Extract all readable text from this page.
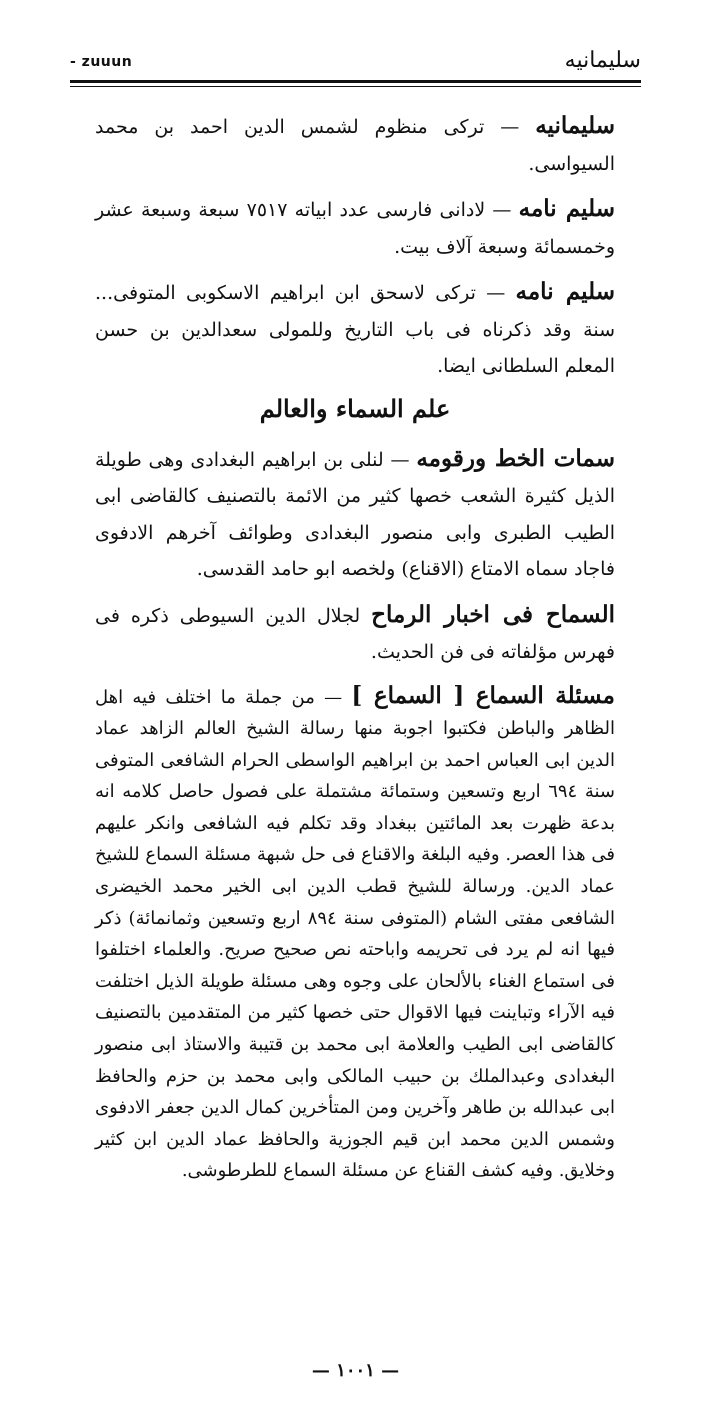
سليمانيه
- zuuun

سليمانيه — تركى منظوم لشمس الدين احمد بن محمد السيواسى.

سليم نامه — لادانى فارسى عدد ابياته ٧٥١٧ سبعة وسبعة عشر وخمسمائة وسبعة آلاف بيت.

سليم نامه — تركى لاسحق ابن ابراهيم الاسكوبى المتوفى... سنة وقد ذكرناه فى باب التاريخ وللمولى سعدالدين بن حسن المعلم السلطانى ايضا.

علم السماء والعالم

سمات الخط ورقومه — لنلى بن ابراهيم البغدادى وهى طويلة الذيل كثيرة الشعب خصها كثير من الائمة بالتصنيف كالقاضى ابى الطيب الطبرى وابى منصور البغدادى وطوائف آخرهم الادفوى فاجاد سماه الامتاع (الاقناع) ولخصه ابو حامد القدسى.

السماح فى اخبار الرماح لجلال الدين السيوطى ذكره فى فهرس مؤلفاته فى فن الحديث.

مسئلة السماع [ السماع ] — من جملة ما اختلف فيه اهل الظاهر والباطن فكتبوا اجوبة منها رسالة الشيخ العالم الزاهد عماد الدين ابى العباس احمد بن ابراهيم الواسطى الحرام الشافعى المتوفى سنة ٦٩٤ اربع وتسعين وستمائة مشتملة على فصول حاصل كلامه انه بدعة ظهرت بعد المائتين ببغداد وقد تكلم فيه الشافعى وانكر عليهم فى هذا العصر. وفيه البلغة والاقناع فى حل شبهة مسئلة السماع للشيخ عماد الدين. ورسالة للشيخ قطب الدين ابى الخير محمد الخيضرى الشافعى مفتى الشام (المتوفى سنة ٨٩٤ اربع وتسعين وثمانمائة) ذكر فيها انه لم يرد فى تحريمه واباحته نص صحيح صريح. والعلماء اختلفوا فى استماع الغناء بالألحان على وجوه وهى مسئلة طويلة الذيل اختلفت فيه الآراء وتباينت فيها الاقوال حتى خصها كثير من المتقدمين بالتصنيف كالقاضى ابى الطيب والعلامة ابى محمد بن قتيبة والاستاذ ابى منصور البغدادى وعبدالملك بن حبيب المالكى وابى محمد بن حزم والحافظ ابى عبدالله بن طاهر وآخرين ومن المتأخرين كمال الدين جعفر الادفوى وشمس الدين محمد ابن قيم الجوزية والحافظ عماد الدين ابن كثير وخلايق. وفيه كشف القناع عن مسئلة السماع للطرطوشى.

— ١٠٠١ —
